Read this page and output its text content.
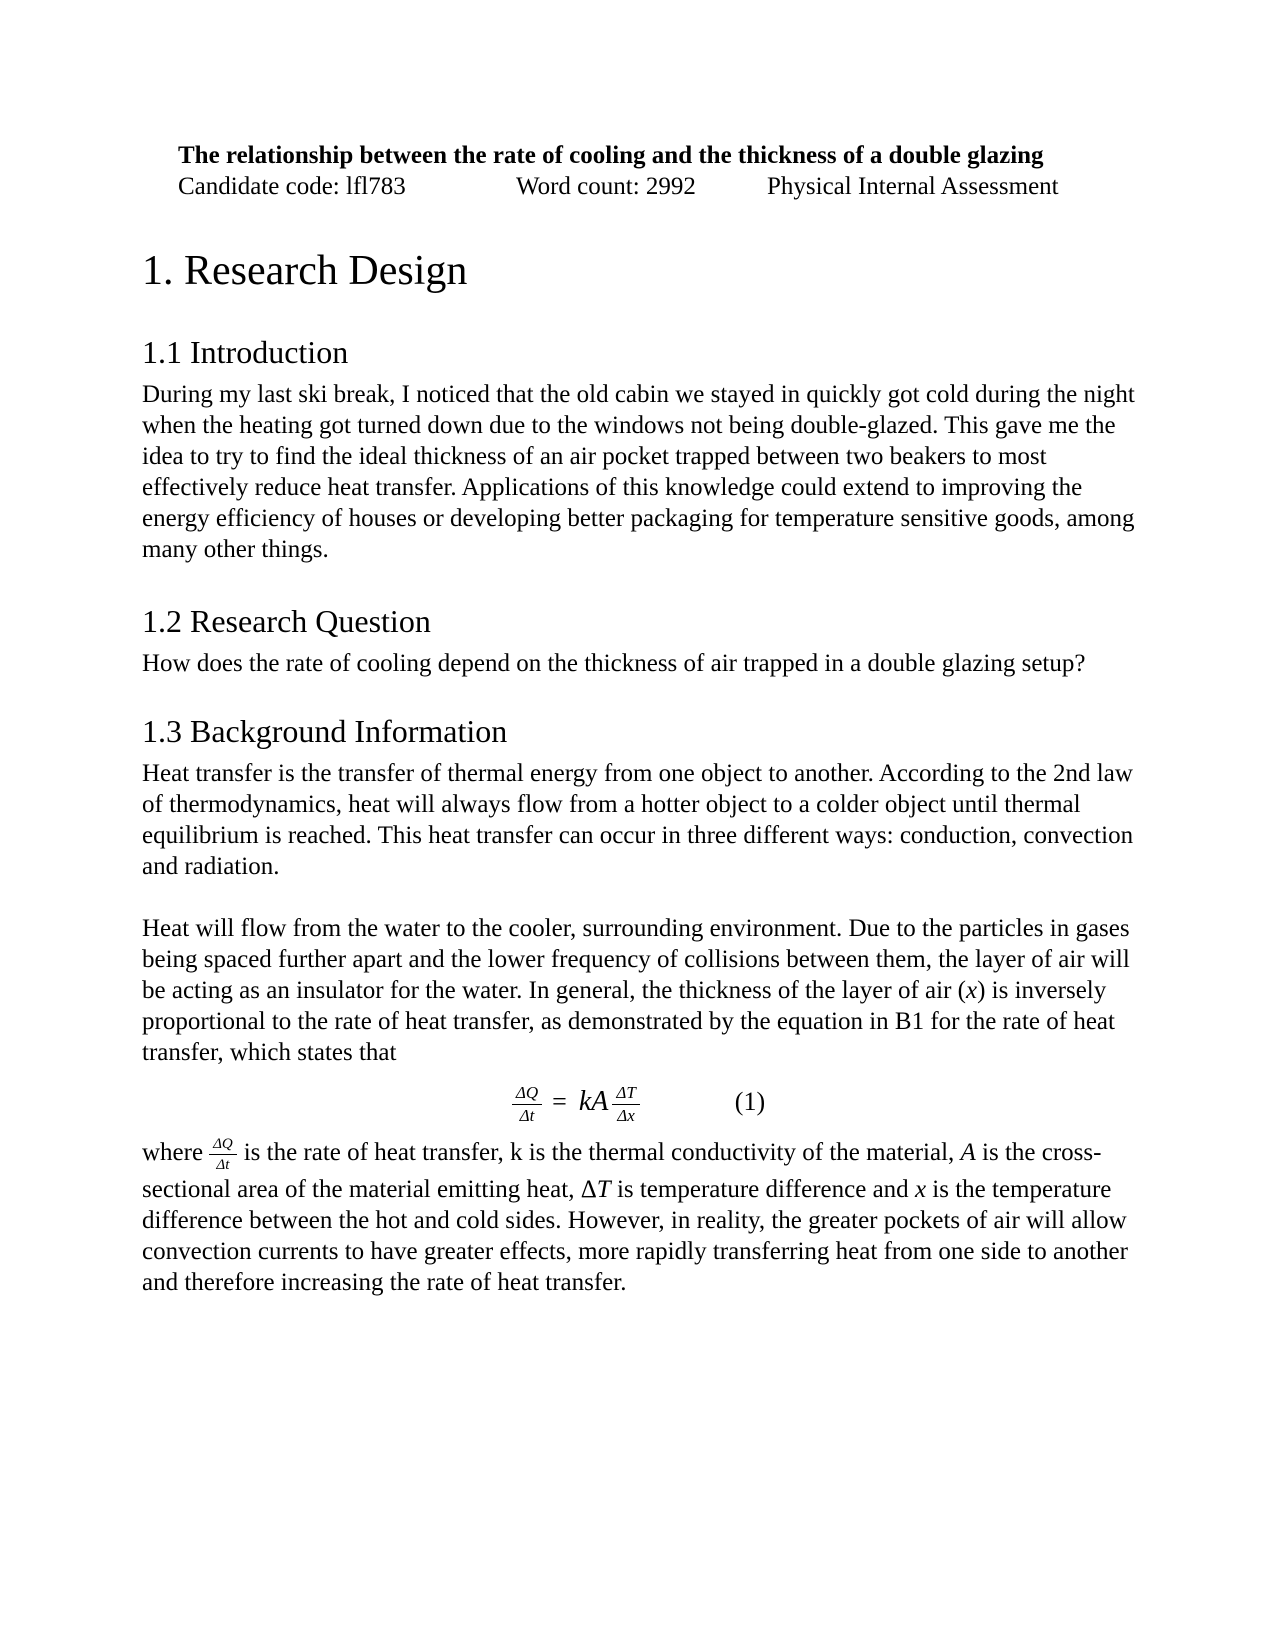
The relationship between the rate of cooling and the thickness of a double glazing
Candidate code: lfl783	Word count: 2992	Physical Internal Assessment
1. Research Design
1.1 Introduction

During my last ski break, I noticed that the old cabin we stayed in quickly got cold during the night when the heating got turned down due to the windows not being double-glazed. This gave me the idea to try to find the ideal thickness of an air pocket trapped between two beakers to most effectively reduce heat transfer. Applications of this knowledge could extend to improving the energy efficiency of houses or developing better packaging for temperature sensitive goods, among many other things.

1.2 Research Question

How does the rate of cooling depend on the thickness of air trapped in a double glazing setup?

1.3 Background Information

Heat transfer is the transfer of thermal energy from one object to another. According to the 2nd law of thermodynamics, heat will always flow from a hotter object to a colder object until thermal equilibrium is reached. This heat transfer can occur in three different ways: conduction, convection and radiation.

Heat will flow from the water to the cooler, surrounding environment. Due to the particles in gases being spaced further apart and the lower frequency of collisions between them, the layer of air will be acting as an insulator for the water. In general, the thickness of the layer of air (x) is inversely proportional to the rate of heat transfer, as demonstrated by the equation in B1 for the rate of heat transfer, which states that

$\frac{\Delta Q}{\Delta t}$ = kA $\frac{\Delta T}{\Delta x}$	(1)

where $\frac{\Delta Q}{\Delta t}$ is the rate of heat transfer, k is the thermal conductivity of the material, A is the cross-sectional area of the material emitting heat, ΔT is temperature difference and x is the temperature difference between the hot and cold sides. However, in reality, the greater pockets of air will allow convection currents to have greater effects, more rapidly transferring heat from one side to another and therefore increasing the rate of heat transfer.
